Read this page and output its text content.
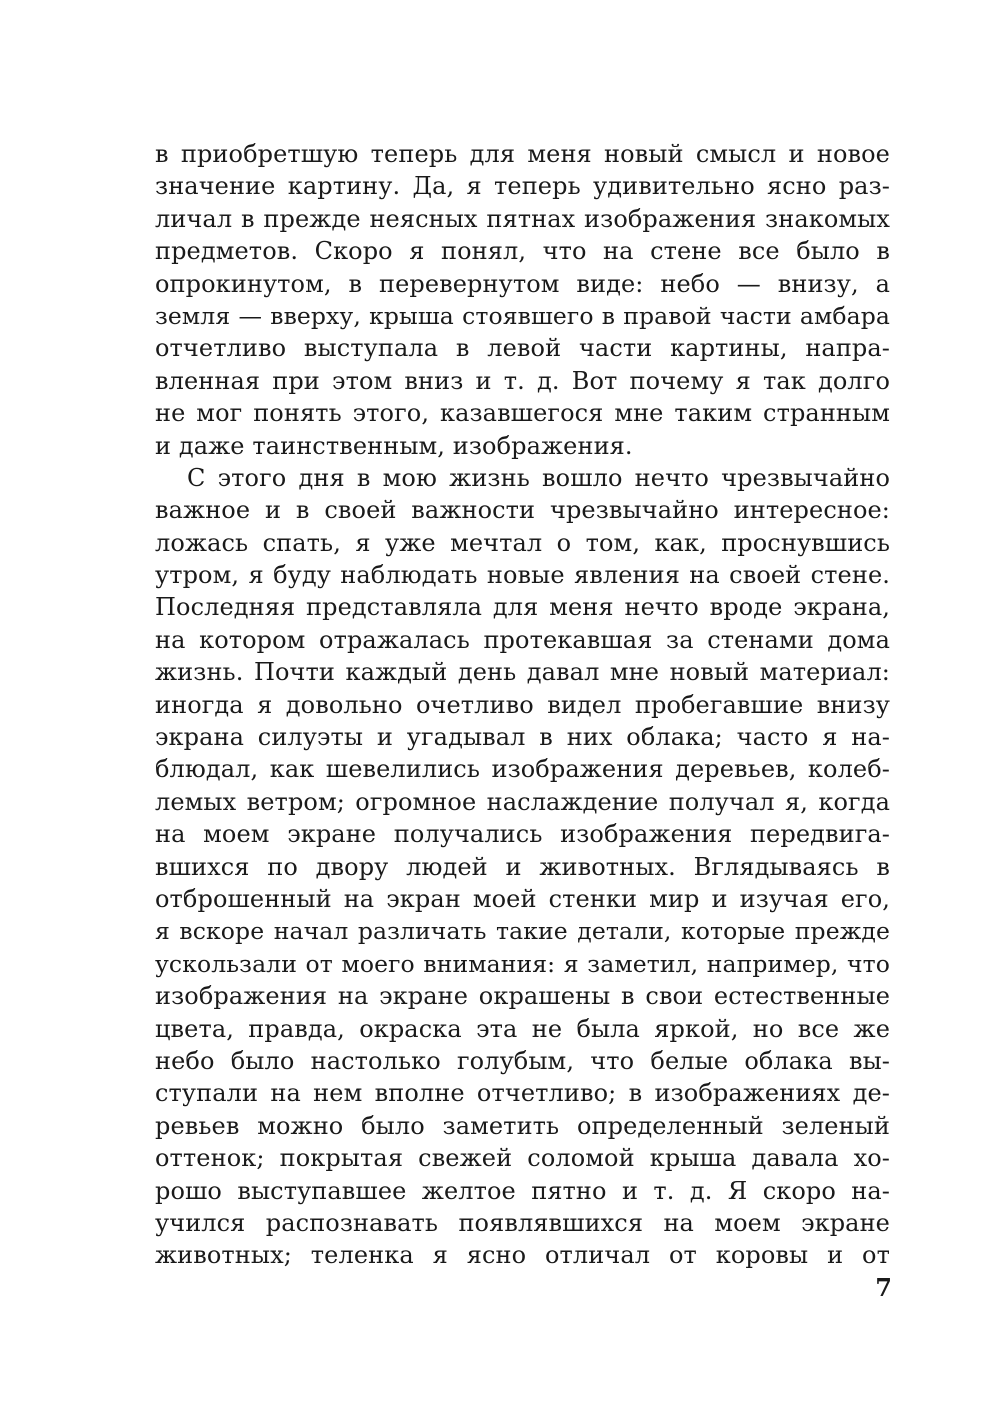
в приобретшую теперь для меня новый смысл и новое
значение картину. Да, я теперь удивительно ясно раз-
личал в прежде неясных пятнах изображения знакомых
предметов. Скоро я понял, что на стене все было в
опрокинутом, в перевернутом виде: небо — внизу, а
земля — вверху, крыша стоявшего в правой части амбара
отчетливо выступала в левой части картины, напра-
вленная при этом вниз и т. д. Вот почему я так долго
не мог понять этого, казавшегося мне таким странным
и даже таинственным, изображения.
С этого дня в мою жизнь вошло нечто чрезвычайно
важное и в своей важности чрезвычайно интересное:
ложась спать, я уже мечтал о том, как, проснувшись
утром, я буду наблюдать новые явления на своей стене.
Последняя представляла для меня нечто вроде экрана,
на котором отражалась протекавшая за стенами дома
жизнь. Почти каждый день давал мне новый материал:
иногда я довольно очетливо видел пробегавшие внизу
экрана силуэты и угадывал в них облака; часто я на-
блюдал, как шевелились изображения деревьев, колеб-
лемых ветром; огромное наслаждение получал я, когда
на моем экране получались изображения передвига-
вшихся по двору людей и животных. Вглядываясь в
отброшенный на экран моей стенки мир и изучая его,
я вскоре начал различать такие детали, которые прежде
ускользали от моего внимания: я заметил, например, что
изображения на экране окрашены в свои естественные
цвета, правда, окраска эта не была яркой, но все же
небо было настолько голубым, что белые облака вы-
ступали на нем вполне отчетливо; в изображениях де-
ревьев можно было заметить определенный зеленый
оттенок; покрытая свежей соломой крыша давала хо-
рошо выступавшее желтое пятно и т. д. Я скоро на-
учился распознавать появлявшихся на моем экране
животных; теленка я ясно отличал от коровы и от
7
